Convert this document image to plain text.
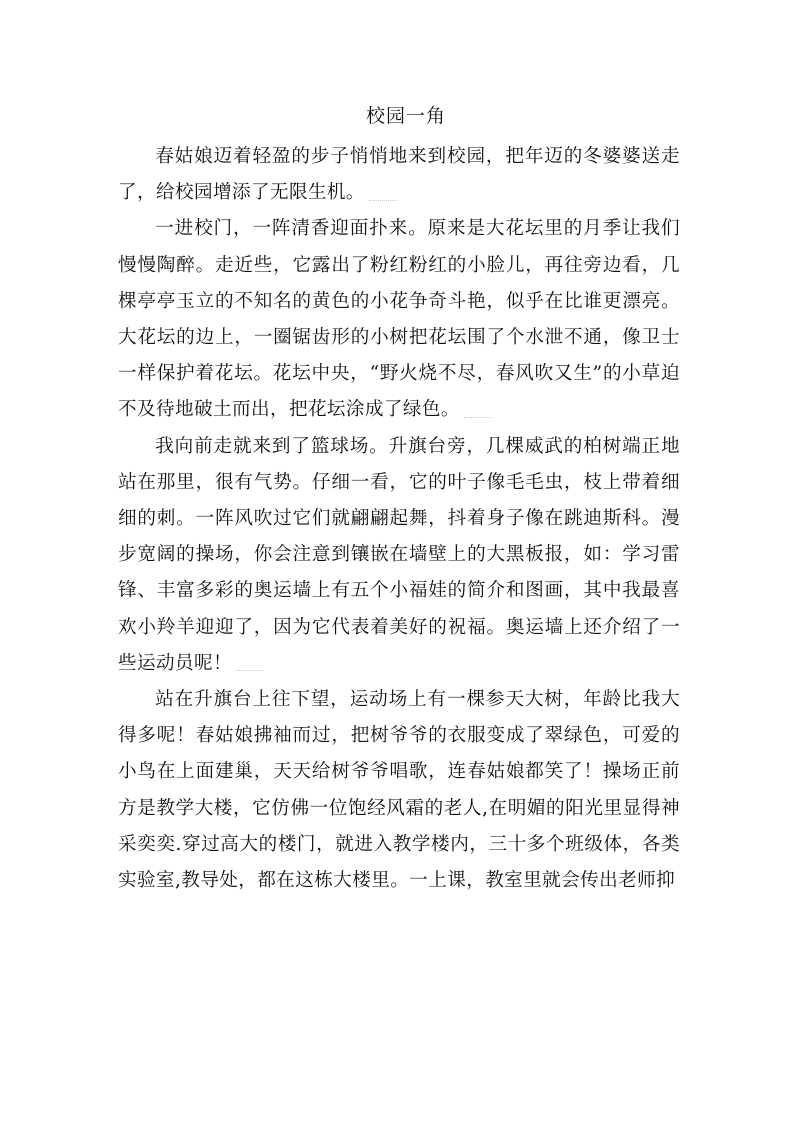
校园一角

春姑娘迈着轻盈的步子悄悄地来到校园，把年迈的冬婆婆送走了，给校园增添了无限生机。

一进校门，一阵清香迎面扑来。原来是大花坛里的月季让我们慢慢陶醉。走近些，它露出了粉红粉红的小脸儿，再往旁边看，几棵亭亭玉立的不知名的黄色的小花争奇斗艳，似乎在比谁更漂亮。大花坛的边上，一圈锯齿形的小树把花坛围了个水泄不通，像卫士一样保护着花坛。花坛中央，“野火烧不尽，春风吹又生”的小草迫不及待地破土而出，把花坛涂成了绿色。

我向前走就来到了篮球场。升旗台旁，几棵威武的柏树端正地站在那里，很有气势。仔细一看，它的叶子像毛毛虫，枝上带着细细的刺。一阵风吹过它们就翩翩起舞，抖着身子像在跳迪斯科。漫步宽阔的操场，你会注意到镶嵌在墙壁上的大黑板报，如：学习雷锋、丰富多彩的奥运墙上有五个小福娃的简介和图画，其中我最喜欢小羚羊迎迎了，因为它代表着美好的祝福。奥运墙上还介绍了一些运动员呢！

站在升旗台上往下望，运动场上有一棵参天大树，年龄比我大得多呢！春姑娘拂袖而过，把树爷爷的衣服变成了翠绿色，可爱的小鸟在上面建巢，天天给树爷爷唱歌，连春姑娘都笑了！操场正前方是教学大楼，它仿佛一位饱经风霜的老人,在明媚的阳光里显得神采奕奕.穿过高大的楼门，就进入教学楼内，三十多个班级体，各类实验室,教导处，都在这栋大楼里。一上课，教室里就会传出老师抑
